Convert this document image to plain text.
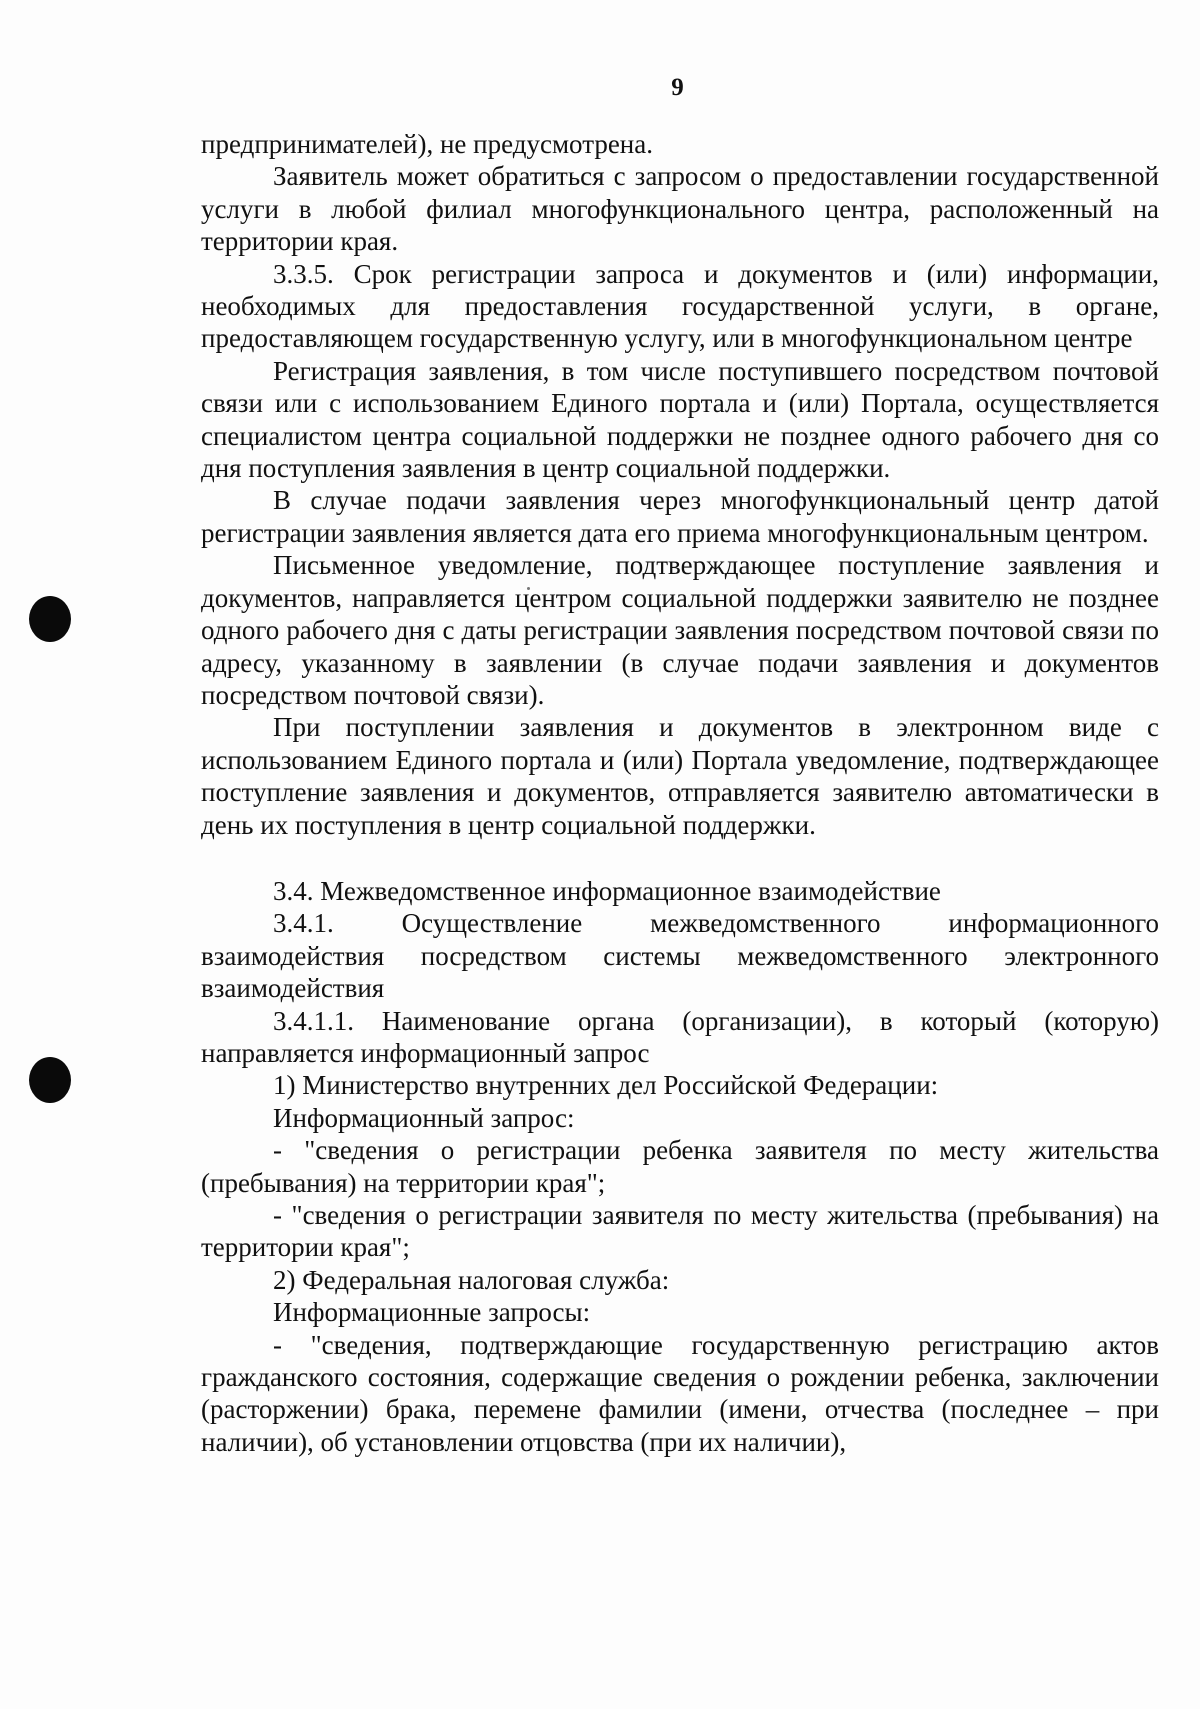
9

предпринимателей), не предусмотрена.

Заявитель может обратиться с запросом о предоставлении государственной услуги в любой филиал многофункционального центра, расположенный на территории края.

3.3.5. Срок регистрации запроса и документов и (или) информации, необходимых для предоставления государственной услуги, в органе, предоставляющем государственную услугу, или в многофункциональном центре

Регистрация заявления, в том числе поступившего посредством почтовой связи или с использованием Единого портала и (или) Портала, осуществляется специалистом центра социальной поддержки не позднее одного рабочего дня со дня поступления заявления в центр социальной поддержки.

В случае подачи заявления через многофункциональный центр датой регистрации заявления является дата его приема многофункциональным центром.

Письменное уведомление, подтверждающее поступление заявления и документов, направляется центром социальной поддержки заявителю не позднее одного рабочего дня с даты регистрации заявления посредством почтовой связи по адресу, указанному в заявлении (в случае подачи заявления и документов посредством почтовой связи).

При поступлении заявления и документов в электронном виде с использованием Единого портала и (или) Портала уведомление, подтверждающее поступление заявления и документов, отправляется заявителю автоматически в день их поступления в центр социальной поддержки.

3.4. Межведомственное информационное взаимодействие

3.4.1. Осуществление межведомственного информационного взаимодействия посредством системы межведомственного электронного взаимодействия

3.4.1.1. Наименование органа (организации), в который (которую) направляется информационный запрос

1) Министерство внутренних дел Российской Федерации:

Информационный запрос:

- "сведения о регистрации ребенка заявителя по месту жительства (пребывания) на территории края";

- "сведения о регистрации заявителя по месту жительства (пребывания) на территории края";

2) Федеральная налоговая служба:

Информационные запросы:

- "сведения, подтверждающие государственную регистрацию актов гражданского состояния, содержащие сведения о рождении ребенка, заключении (расторжении) брака, перемене фамилии (имени, отчества (последнее – при наличии), об установлении отцовства (при их наличии),
